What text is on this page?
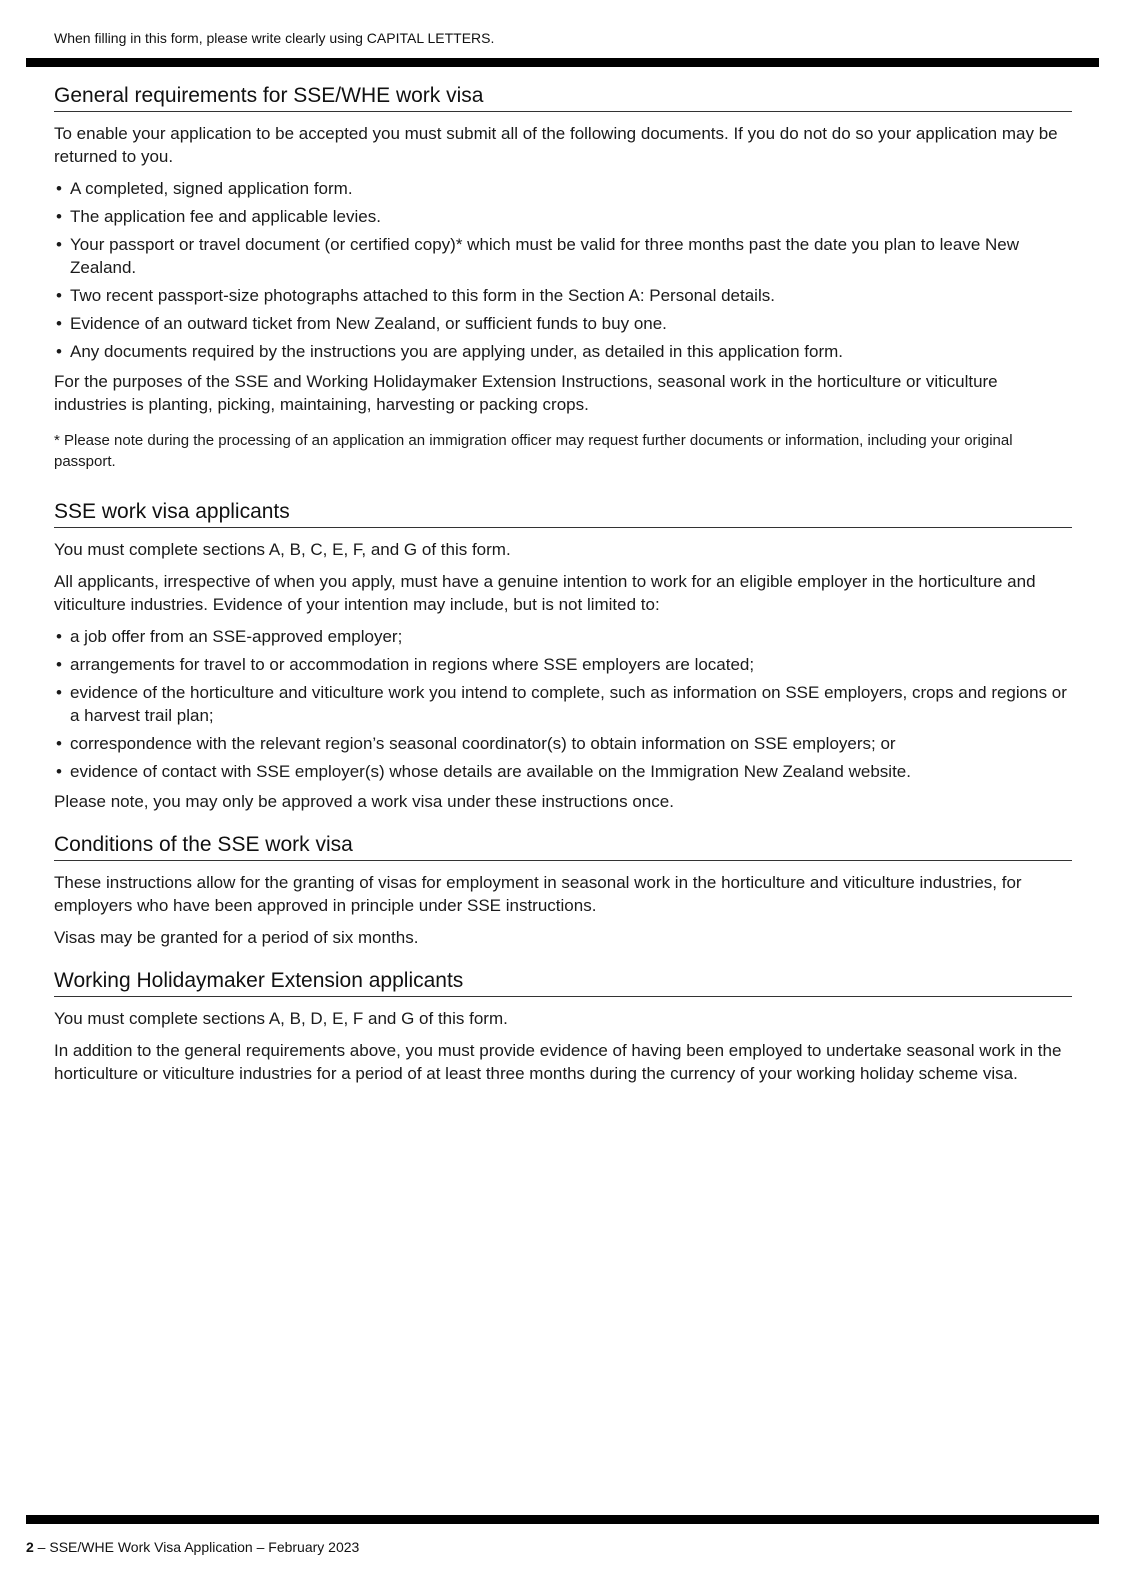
When filling in this form, please write clearly using CAPITAL LETTERS.
General requirements for SSE/WHE work visa

To enable your application to be accepted you must submit all of the following documents. If you do not do so your application may be returned to you.

• A completed, signed application form.
• The application fee and applicable levies.
• Your passport or travel document (or certified copy)* which must be valid for three months past the date you plan to leave New Zealand.
• Two recent passport-size photographs attached to this form in the Section A: Personal details.
• Evidence of an outward ticket from New Zealand, or sufficient funds to buy one.
• Any documents required by the instructions you are applying under, as detailed in this application form.

For the purposes of the SSE and Working Holidaymaker Extension Instructions, seasonal work in the horticulture or viticulture industries is planting, picking, maintaining, harvesting or packing crops.

* Please note during the processing of an application an immigration officer may request further documents or information, including your original passport.

SSE work visa applicants

You must complete sections A, B, C, E, F, and G of this form.

All applicants, irrespective of when you apply, must have a genuine intention to work for an eligible employer in the horticulture and viticulture industries. Evidence of your intention may include, but is not limited to:

• a job offer from an SSE-approved employer;
• arrangements for travel to or accommodation in regions where SSE employers are located;
• evidence of the horticulture and viticulture work you intend to complete, such as information on SSE employers, crops and regions or a harvest trail plan;
• correspondence with the relevant region’s seasonal coordinator(s) to obtain information on SSE employers; or
• evidence of contact with SSE employer(s) whose details are available on the Immigration New Zealand website.

Please note, you may only be approved a work visa under these instructions once.

Conditions of the SSE work visa

These instructions allow for the granting of visas for employment in seasonal work in the horticulture and viticulture industries, for employers who have been approved in principle under SSE instructions.

Visas may be granted for a period of six months.

Working Holidaymaker Extension applicants

You must complete sections A, B, D, E, F and G of this form.

In addition to the general requirements above, you must provide evidence of having been employed to undertake seasonal work in the horticulture or viticulture industries for a period of at least three months during the currency of your working holiday scheme visa.

2 – SSE/WHE Work Visa Application – February 2023
